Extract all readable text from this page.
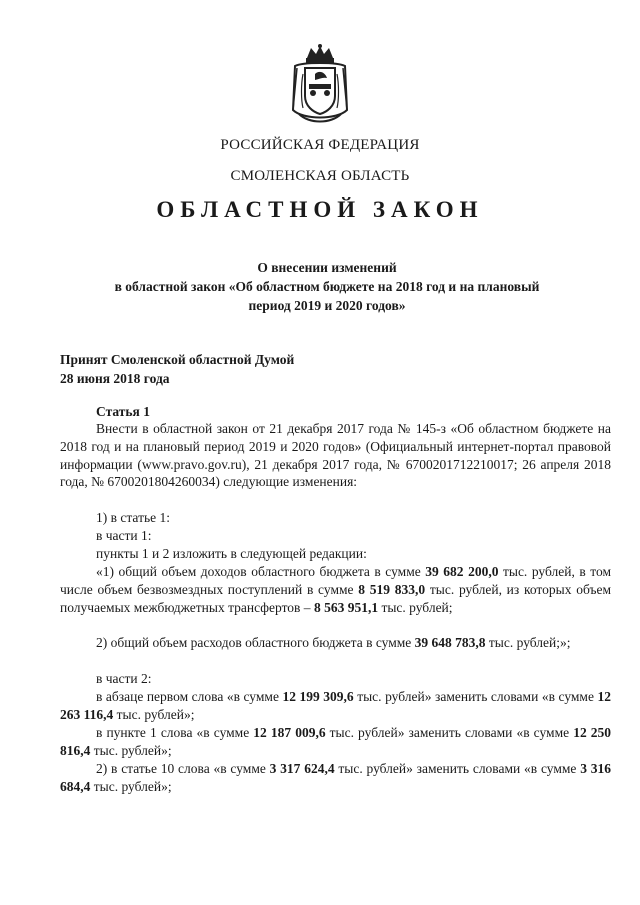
РОССИЙСКАЯ ФЕДЕРАЦИЯ
СМОЛЕНСКАЯ ОБЛАСТЬ
ОБЛАСТНОЙ ЗАКОН
О внесении изменений
в областной закон «Об областном бюджете на 2018 год и на плановый
период 2019 и 2020 годов»
Принят Смоленской областной Думой
28 июня 2018 года
Статья 1
Внести в областной закон от 21 декабря 2017 года № 145-з «Об областном бюджете на 2018 год и на плановый период 2019 и 2020 годов» (Официальный интернет-портал правовой информации (www.pravo.gov.ru), 21 декабря 2017 года, № 6700201712210017; 26 апреля 2018 года, № 6700201804260034) следующие изменения:
1) в статье 1:
в части 1:
пункты 1 и 2 изложить в следующей редакции:
«1) общий объем доходов областного бюджета в сумме 39 682 200,0 тыс. рублей, в том числе объем безвозмездных поступлений в сумме 8 519 833,0 тыс. рублей, из которых объем получаемых межбюджетных трансфертов – 8 563 951,1 тыс. рублей;
2) общий объем расходов областного бюджета в сумме 39 648 783,8 тыс. рублей;»;
в части 2:
в абзаце первом слова «в сумме 12 199 309,6 тыс. рублей» заменить словами «в сумме 12 263 116,4 тыс. рублей»;
в пункте 1 слова «в сумме 12 187 009,6 тыс. рублей» заменить словами «в сумме 12 250 816,4 тыс. рублей»;
2) в статье 10 слова «в сумме 3 317 624,4 тыс. рублей» заменить словами «в сумме 3 316 684,4 тыс. рублей»;
